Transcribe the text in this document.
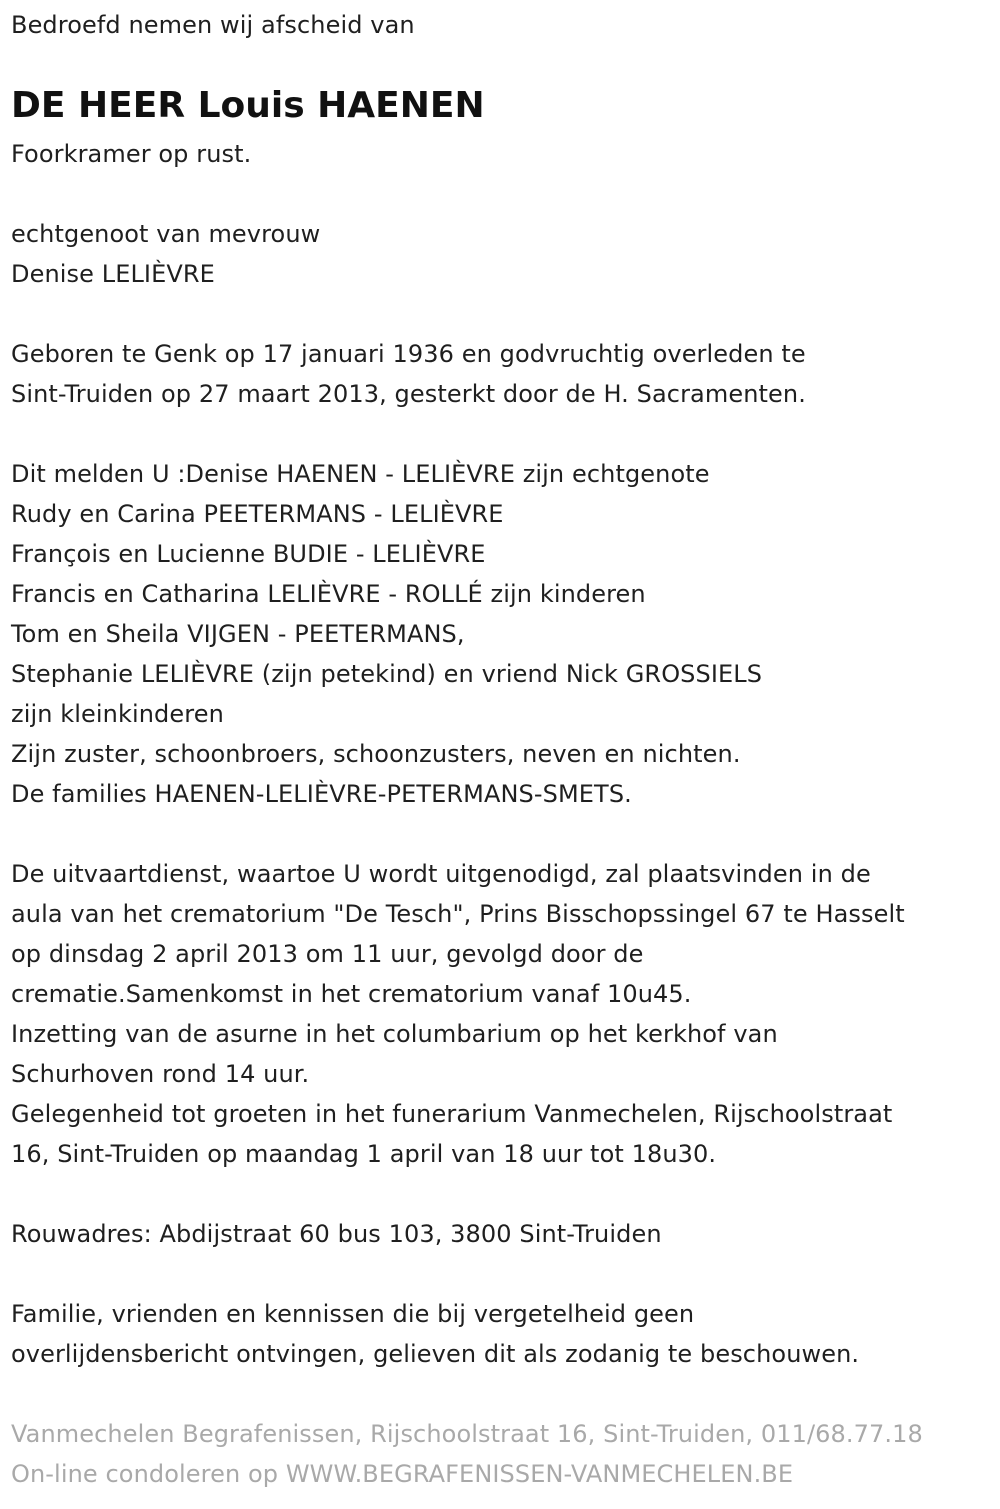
Bedroefd nemen wij afscheid van
DE HEER Louis HAENEN
Foorkramer op rust.
echtgenoot van mevrouw
Denise LELIÈVRE
Geboren te Genk op 17 januari 1936 en godvruchtig overleden te
Sint-Truiden op 27 maart 2013, gesterkt door de H. Sacramenten.
Dit melden U :Denise HAENEN - LELIÈVRE zijn echtgenote
Rudy en Carina PEETERMANS - LELIÈVRE
François en Lucienne BUDIE - LELIÈVRE
Francis en Catharina LELIÈVRE - ROLLÉ zijn kinderen
Tom en Sheila VIJGEN - PEETERMANS,
Stephanie LELIÈVRE (zijn petekind) en vriend Nick GROSSIELS
zijn kleinkinderen
Zijn zuster, schoonbroers, schoonzusters, neven en nichten.
De families HAENEN-LELIÈVRE-PETERMANS-SMETS.
De uitvaartdienst, waartoe U wordt uitgenodigd, zal plaatsvinden in de
aula van het crematorium "De Tesch", Prins Bisschopssingel 67 te Hasselt
op dinsdag 2 april 2013 om 11 uur, gevolgd door de
crematie.Samenkomst in het crematorium vanaf 10u45.
Inzetting van de asurne in het columbarium op het kerkhof van
Schurhoven rond 14 uur.
Gelegenheid tot groeten in het funerarium Vanmechelen, Rijschoolstraat
16, Sint-Truiden op maandag 1 april van 18 uur tot 18u30.
Rouwadres: Abdijstraat 60 bus 103, 3800 Sint-Truiden
Familie, vrienden en kennissen die bij vergetelheid geen
overlijdensbericht ontvingen, gelieven dit als zodanig te beschouwen.
Vanmechelen Begrafenissen, Rijschoolstraat 16, Sint-Truiden, 011/68.77.18
On-line condoleren op WWW.BEGRAFENISSEN-VANMECHELEN.BE
